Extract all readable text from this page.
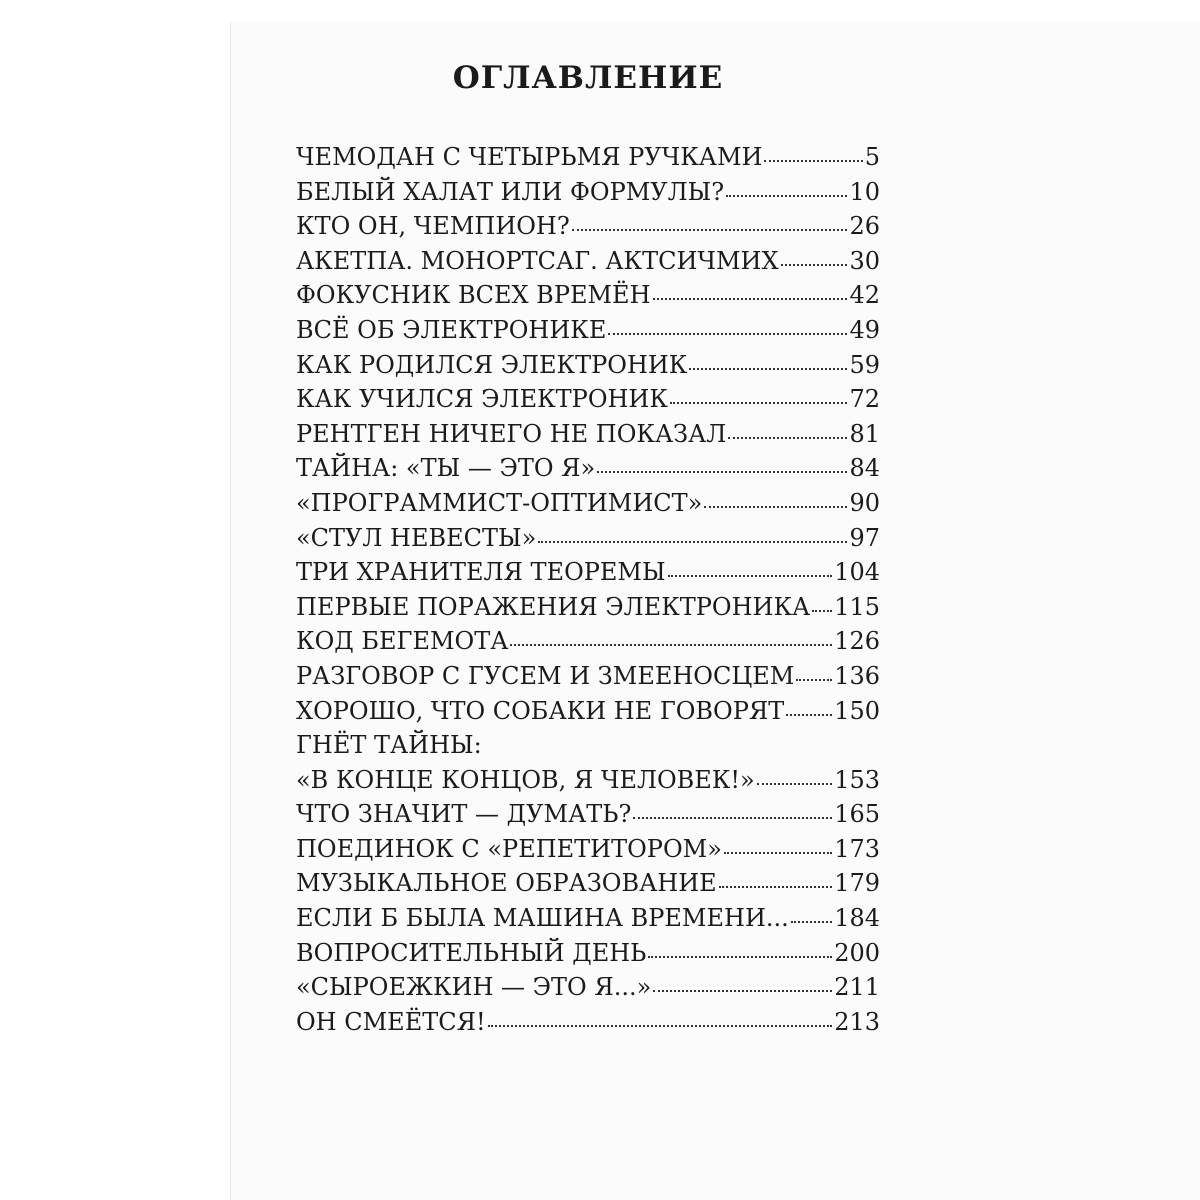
ОГЛАВЛЕНИЕ
ЧЕМОДАН С ЧЕТЫРЬМЯ РУЧКАМИ	5
БЕЛЫЙ ХАЛАТ ИЛИ ФОРМУЛЫ?	10
КТО ОН, ЧЕМПИОН?	26
АКЕТПА. МОНОРТСАГ. АКТСИЧМИХ	30
ФОКУСНИК ВСЕХ ВРЕМЁН	42
ВСЁ ОБ ЭЛЕКТРОНИКЕ	49
КАК РОДИЛСЯ ЭЛЕКТРОНИК	59
КАК УЧИЛСЯ ЭЛЕКТРОНИК	72
РЕНТГЕН НИЧЕГО НЕ ПОКАЗАЛ	81
ТАЙНА: «ТЫ — ЭТО Я»	84
«ПРОГРАММИСТ-ОПТИМИСТ»	90
«СТУЛ НЕВЕСТЫ»	97
ТРИ ХРАНИТЕЛЯ ТЕОРЕМЫ	104
ПЕРВЫЕ ПОРАЖЕНИЯ ЭЛЕКТРОНИКА 115
КОД БЕГЕМОТА	126
РАЗГОВОР С ГУСЕМ И ЗМЕЕНОСЦЕМ 136
ХОРОШО, ЧТО СОБАКИ НЕ ГОВОРЯТ 150
ГНЁТ ТАЙНЫ:
«В КОНЦЕ КОНЦОВ, Я ЧЕЛОВЕК!»	153
ЧТО ЗНАЧИТ — ДУМАТЬ?	165
ПОЕДИНОК С «РЕПЕТИТОРОМ»	173
МУЗЫКАЛЬНОЕ ОБРАЗОВАНИЕ	179
ЕСЛИ Б БЫЛА МАШИНА ВРЕМЕНИ... 184
ВОПРОСИТЕЛЬНЫЙ ДЕНЬ	200
«СЫРОЕЖКИН — ЭТО Я...»	211
ОН СМЕЁТСЯ!	213
